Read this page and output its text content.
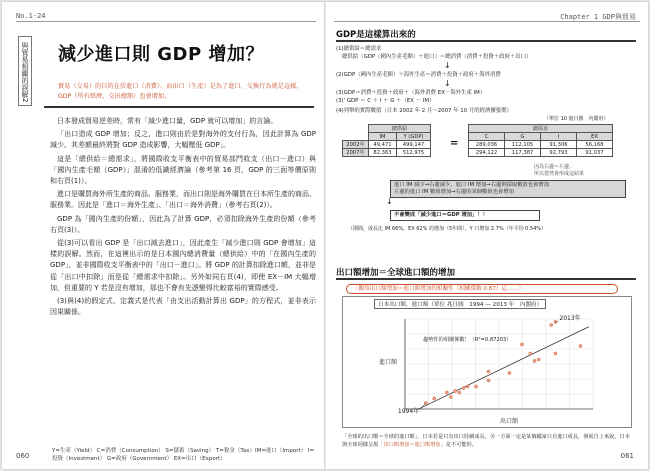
No.1-24
與貿易相關的誤解2 減少進口則 GDP 增加？
貿易（交易）的目的在於進口（消費）。而出口（生產）是為了進口、交換行為就是這樣，GDP（所有經濟、交出總額）也會增加。

日本發成貿易逆差時，常有「減少進口量，GDP 就可以增加」的言論。

「出口造成 GDP 增加；反之，進口則由於是對海外的支付行為，因此計算為 GDP 減少。其差額最終將對 GDP 造成影響，大幅壓低 GDP」。

這是「總供給＝總需求」，將國際收支平衡表中的貿易部門收支（出口－進口）與「國內生產毛額（GDP）」混淆的低識經濟論（參考第 16 頁，GDP 的三面等價原則和右頁(1)）。

進口是購買海外所生產的商品、服務業，而出口則是海外購買在日本所生產的商品、服務業。因此是「進口＝海外生產」、「出口＝海外消費」（參考右頁(2)）。

GDP 為「國內生產的份額」，因此為了計算 GDP，必須扣除海外生產的份額（參考右頁(3)）。

從(3)可以看出 GDP 是「出口減去進口」，因此產生「減少進口則 GDP 會增加」這樣的誤解。然而，在這裡出示的是日本國內總消費量（總供給）中的「在國內生產的 GDP」，並非國際收支平衡表中的「出口－進口」。將 GDP 的計算扣除進口額，並非是從「出口中扣除」而是從「總需求中扣除」。另外如同右頁(4)，即使 EX－IM 大幅增加，但重要的 Y 若是沒有增加，那也不會有先憑變得比較富裕的實際感受。

(3)與(4)的假定式、定義式是代表「由支出活動計算出 GDP」的方程式，並非表示因果關係。

060
Y=生產（Yield） C=消費（Consumption） S=儲蓄（Saving） T=稅金（Tax）IM=進口（Import） I=投資（Investment） G=政府（Government） EX=出口（Export）
Chapter 1 GDP與貿易
GDP是這樣算出來的
(1)總供給＝總需求
總供給（GDP（國內生產毛額）＋進口）＝總消費（消費＋投資＋政府＋出口）
↓
(2)GDP（國內生產毛額）＋海外生產＝消費＋投資＋政府＋海外消費
↓
(3)GDP＝消費＋投資＋政府＋（海外消費 EX－海外生產 IM）
(3)' GDP ＝ C ＋ I ＋ G ＋（EX － IM）
(4)列舉的實際數值（日本 2002 年 2 月～2007 年 10 月的經濟擴張期）
（單位 10 億日圓　內閣府）
	總供給	
	IM	Y (GDP)
2002年	49,471	499,147
2007年	82,363	512,975
=
總需求			
C	G	I	EX
289,036	112,105	91,306	56,168
294,122	117,387	92,793	91,037
因為右邊＝左邊，
所以當然會形成這結果
進口 IM 減少→右邊減少，進口 IM 增加→右邊則採取數值也會增加
左邊的進口 IM 數值增加→右邊的某個數值也會增加
↓
不會變成「減少進口＝GDP 增加」！！
（期間，成長比 IM 66%，EX 62% 的增加（5年間），Y 只增加 2.7%（年平均 0.54%）
出口額增加＝全球進口額的增加
〈觀察出口額增加＝進口額增加的相關性（相關係數 0.87）這……〉
出口額
進口額
2013年
1994年
趨勢性的相關係數！（R²=0.87203）
日本出口額、進口額（單位 兆日圓　1994 — 2013 年　內閣府）
「全球的出口額＝全球的進口額」。日本若是只有出口持續成長，另一方面一定是某個國家只有進口成長，發展自上來說，日本與全球同樣呈現「出口額增加＝進口額增加」是不可能的。
061
